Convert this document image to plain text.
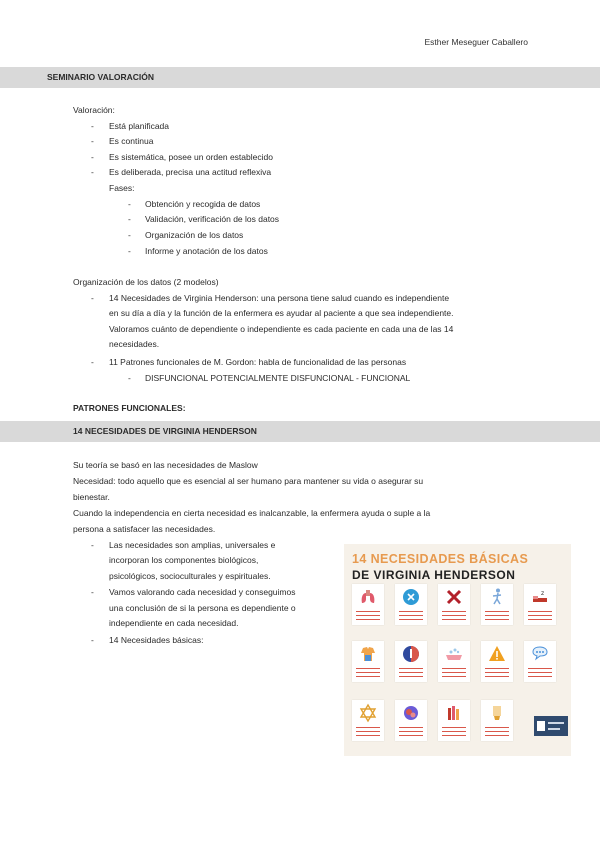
Esther Meseguer Caballero
SEMINARIO VALORACIÓN
Valoración:
- Está planificada
- Es continua
- Es sistemática, posee un orden establecido
- Es deliberada, precisa una actitud reflexiva
Fases:
- Obtención y recogida de datos
- Validación, verificación de los datos
- Organización de los datos
- Informe y anotación de los datos
Organización de los datos (2 modelos)
- 14 Necesidades de Virginia Henderson: una persona tiene salud cuando es independiente
en su día a día y la función de la enfermera es ayudar al paciente a que sea independiente.
Valoramos cuánto de dependiente o independiente es cada paciente en cada una de las 14
necesidades.
- 11 Patrones funcionales de M. Gordon: habla de funcionalidad de las personas
- DISFUNCIONAL POTENCIALMENTE DISFUNCIONAL - FUNCIONAL
PATRONES FUNCIONALES:
14 NECESIDADES DE VIRGINIA HENDERSON
Su teoría se basó en las necesidades de Maslow
Necesidad: todo aquello que es esencial al ser humano para mantener su vida o asegurar su
bienestar.
Cuando la independencia en cierta necesidad es inalcanzable, la enfermera ayuda o suple a la
persona a satisfacer las necesidades.
- Las necesidades son amplias, universales e
incorporan los componentes biológicos,
psicológicos, socioculturales y espirituales.
- Vamos valorando cada necesidad y conseguimos
una conclusión de si la persona es dependiente o
independiente en cada necesidad.
- 14 Necesidades básicas:
14 NECESIDADES BÁSICAS
DE VIRGINIA HENDERSON
z
